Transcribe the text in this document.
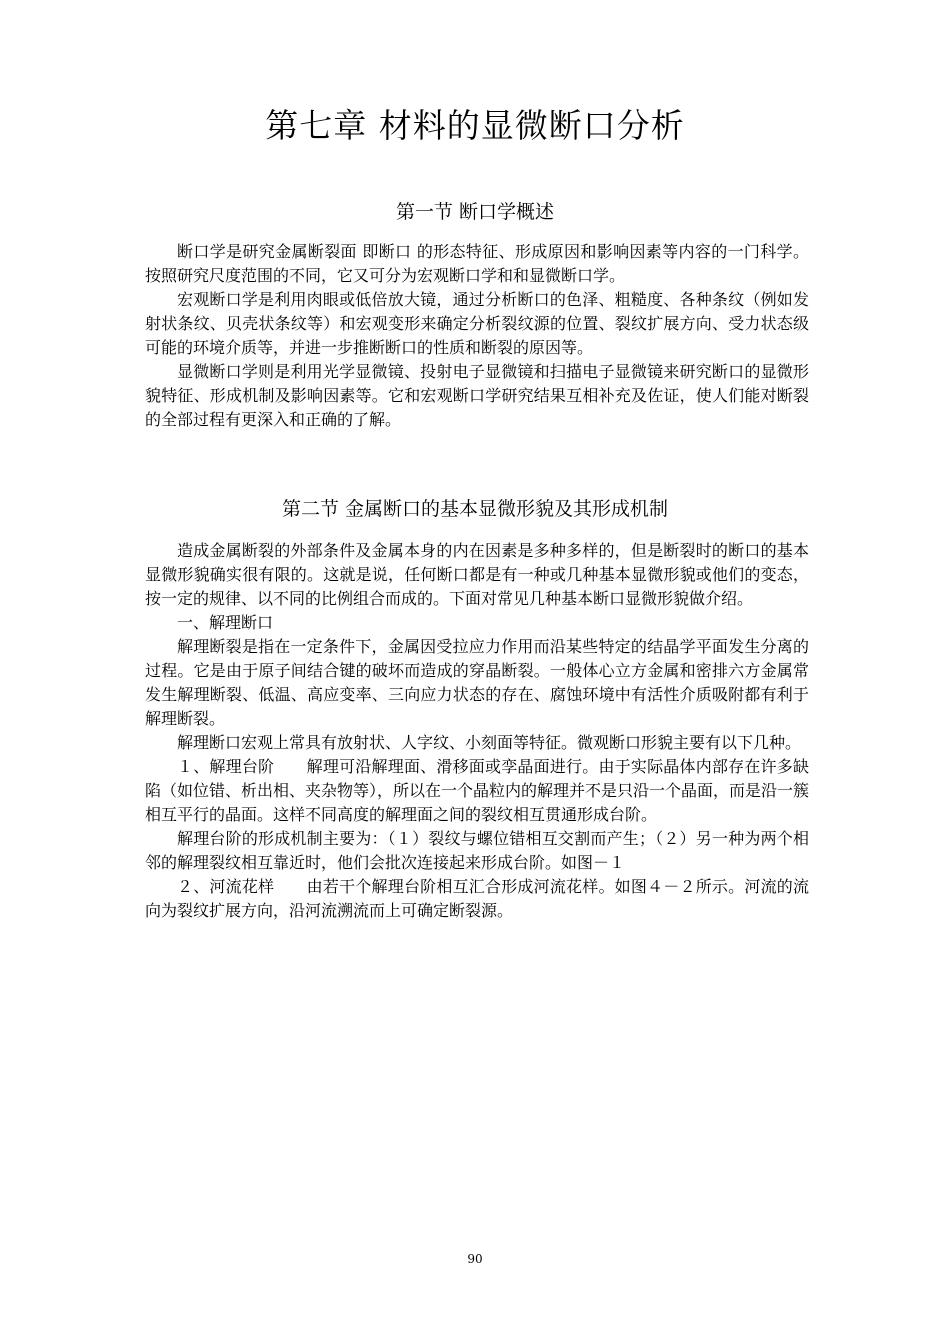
第七章 材料的显微断口分析
第一节 断口学概述

断口学是研究金属断裂面 即断口 的形态特征、形成原因和影响因素等内容的一门科学。按照研究尺度范围的不同，它又可分为宏观断口学和和显微断口学。

宏观断口学是利用肉眼或低倍放大镜，通过分析断口的色泽、粗糙度、各种条纹（例如发射状条纹、贝壳状条纹等）和宏观变形来确定分析裂纹源的位置、裂纹扩展方向、受力状态级可能的环境介质等，并进一步推断断口的性质和断裂的原因等。

显微断口学则是利用光学显微镜、投射电子显微镜和扫描电子显微镜来研究断口的显微形貌特征、形成机制及影响因素等。它和宏观断口学研究结果互相补充及佐证，使人们能对断裂的全部过程有更深入和正确的了解。

第二节 金属断口的基本显微形貌及其形成机制

造成金属断裂的外部条件及金属本身的内在因素是多种多样的，但是断裂时的断口的基本显微形貌确实很有限的。这就是说，任何断口都是有一种或几种基本显微形貌或他们的变态，按一定的规律、以不同的比例组合而成的。下面对常见几种基本断口显微形貌做介绍。

一、解理断口

解理断裂是指在一定条件下，金属因受拉应力作用而沿某些特定的结晶学平面发生分离的过程。它是由于原子间结合键的破坏而造成的穿晶断裂。一般体心立方金属和密排六方金属常发生解理断裂、低温、高应变率、三向应力状态的存在、腐蚀环境中有活性介质吸附都有利于解理断裂。

解理断口宏观上常具有放射状、人字纹、小刻面等特征。微观断口形貌主要有以下几种。

１、解理台阶　　解理可沿解理面、滑移面或孪晶面进行。由于实际晶体内部存在许多缺陷（如位错、析出相、夹杂物等），所以在一个晶粒内的解理并不是只沿一个晶面，而是沿一簇相互平行的晶面。这样不同高度的解理面之间的裂纹相互贯通形成台阶。

解理台阶的形成机制主要为：（１）裂纹与螺位错相互交割而产生；（２）另一种为两个相邻的解理裂纹相互靠近时，他们会批次连接起来形成台阶。如图－１

２、河流花样　　由若干个解理台阶相互汇合形成河流花样。如图４－２所示。河流的流向为裂纹扩展方向，沿河流溯流而上可确定断裂源。

90
